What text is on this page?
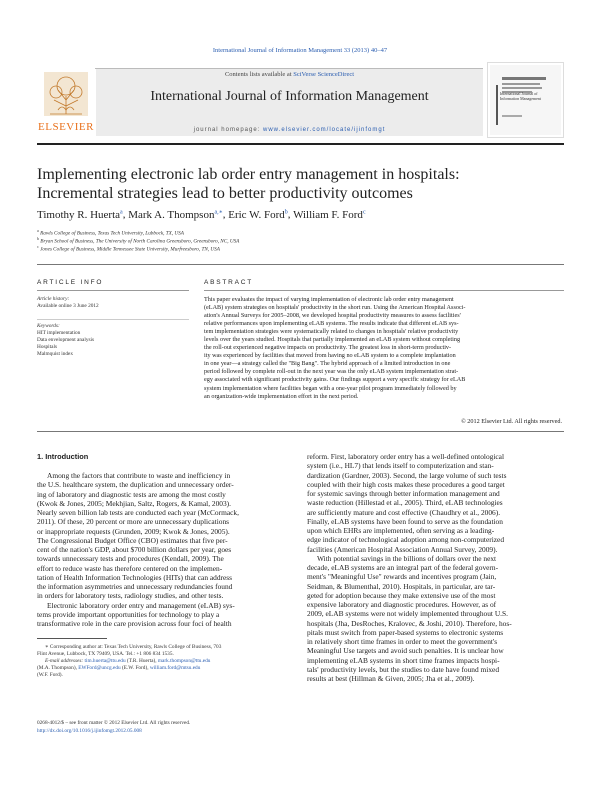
International Journal of Information Management 33 (2013) 40–47
ELSEVIER
Contents lists available at SciVerse ScienceDirect
International Journal of Information Management
journal homepage: www.elsevier.com/locate/ijinfomgt
International Journal of Information Management
Implementing electronic lab order entry management in hospitals:
Incremental strategies lead to better productivity outcomes
Timothy R. Huerta$^a$, Mark A. Thompson$^{a,∗}$, Eric W. Ford$^b$, William F. Ford$^c$
$^a$ Rawls College of Business, Texas Tech University, Lubbock, TX, USA
$^b$ Bryan School of Business, The University of North Carolina Greensboro, Greensboro, NC, USA
$^c$ Jones College of Business, Middle Tennessee State University, Murfreesboro, TN, USA
ARTICLE INFO	ABSTRACT
Article history:
Available online 3 June 2012
Keywords:
HIT implementation
Data envelopment analysis
Hospitals
Malmquist index
This paper evaluates the impact of varying implementation of electronic lab order entry management
(eLAB) system strategies on hospitals' productivity in the short run. Using the American Hospital Associ-
ation's Annual Surveys for 2005–2008, we developed hospital productivity measures to assess facilities'
relative performances upon implementing eLAB systems. The results indicate that different eLAB sys-
tem implementation strategies were systematically related to changes in hospitals' relative productivity
levels over the years studied. Hospitals that partially implemented an eLAB system without completing
the roll-out experienced negative impacts on productivity. The greatest loss in short-term productiv-
ity was experienced by facilities that moved from having no eLAB system to a complete implantation
in one year—a strategy called the "Big Bang". The hybrid approach of a limited introduction in one
period followed by complete roll-out in the next year was the only eLAB system implementation strat-
egy associated with significant productivity gains. Our findings support a very specific strategy for eLAB
system implementation where facilities began with a one-year pilot program immediately followed by
an organization-wide implementation effort in the next period.
© 2012 Elsevier Ltd. All rights reserved.
1. Introduction
Among the factors that contribute to waste and inefficiency in
the U.S. healthcare system, the duplication and unnecessary order-
ing of laboratory and diagnostic tests are among the most costly
(Kwok & Jones, 2005; Mekhjian, Saltz, Rogers, & Kamal, 2003).
Nearly seven billion lab tests are conducted each year (McCormack,
2011). Of these, 20 percent or more are unnecessary duplications
or inappropriate requests (Grunden, 2009; Kwok & Jones, 2005).
The Congressional Budget Office (CBO) estimates that five per-
cent of the nation's GDP, about $700 billion dollars per year, goes
towards unnecessary tests and procedures (Kendall, 2009). The
effort to reduce waste has therefore centered on the implemen-
tation of Health Information Technologies (HITs) that can address
the information asymmetries and unnecessary redundancies found
in orders for laboratory tests, radiology studies, and other tests.
Electronic laboratory order entry and management (eLAB) sys-
tems provide important opportunities for technology to play a
transformative role in the care provision across four foci of health
reform. First, laboratory order entry has a well-defined ontological
system (i.e., HL7) that lends itself to computerization and stan-
dardization (Gardner, 2003). Second, the large volume of such tests
coupled with their high costs makes these procedures a good target
for systemic savings through better information management and
waste reduction (Hillestad et al., 2005). Third, eLAB technologies
are sufficiently mature and cost effective (Chaudhry et al., 2006).
Finally, eLAB systems have been found to serve as the foundation
upon which EHRs are implemented, often serving as a leading-
edge indicator of technological adoption among non-computerized
facilities (American Hospital Association Annual Survey, 2009).
With potential savings in the billions of dollars over the next
decade, eLAB systems are an integral part of the federal govern-
ment's "Meaningful Use" rewards and incentives program (Jain,
Seidman, & Blumenthal, 2010). Hospitals, in particular, are tar-
geted for adoption because they make extensive use of the most
expensive laboratory and diagnostic procedures. However, as of
2009, eLAB systems were not widely implemented throughout U.S.
hospitals (Jha, DesRoches, Kralovec, & Joshi, 2010). Therefore, hos-
pitals must switch from paper-based systems to electronic systems
in relatively short time frames in order to meet the government's
Meaningful Use targets and avoid such penalties. It is unclear how
implementing eLAB systems in short time frames impacts hospi-
tals' productivity levels, but the studies to date have found mixed
results at best (Hillman & Given, 2005; Jha et al., 2009).
∗ Corresponding author at: Texas Tech University, Rawls College of Business, 703
Flint Avenue, Lubbock, TX 79409, USA. Tel.: +1 806 834 1535.
E-mail addresses: tim.huerta@ttu.edu (T.R. Huerta), mark.thompson@ttu.edu
(M.A. Thompson), EWFord@uncg.edu (E.W. Ford), william.ford@mtsu.edu
(W.F. Ford).
0268-4012/$ – see front matter © 2012 Elsevier Ltd. All rights reserved.
http://dx.doi.org/10.1016/j.ijinfomgt.2012.05.008
